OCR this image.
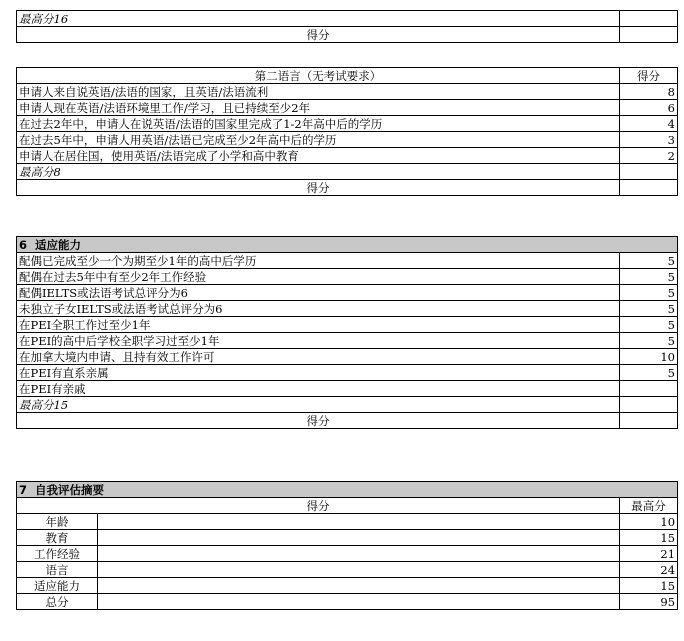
最高分16	
得分	
第二语言（无考试要求）	得分
申请人来自说英语/法语的国家，且英语/法语流利	8
申请人现在英语/法语环境里工作/学习，且已持续至少2年	6
在过去2年中，申请人在说英语/法语的国家里完成了1-2年高中后的学历	4
在过去5年中，申请人用英语/法语已完成至少2年高中后的学历	3
申请人在居住国，使用英语/法语完成了小学和高中教育	2
最高分8	
得分	
6 适应能力	
配偶已完成至少一个为期至少1年的高中后学历	5
配偶在过去5年中有至少2年工作经验	5
配偶IELTS或法语考试总评分为6	5
未独立子女IELTS或法语考试总评分为6	5
在PEI全职工作过至少1年	5
在PEI的高中后学校全职学习过至少1年	5
在加拿大境内申请、且持有效工作许可	10
在PEI有直系亲属	5
在PEI有亲戚	
最高分15	
得分	
7 自我评估摘要		
得分		最高分
年龄		10
教育		15
工作经验		21
语言		24
适应能力		15
总分		95
